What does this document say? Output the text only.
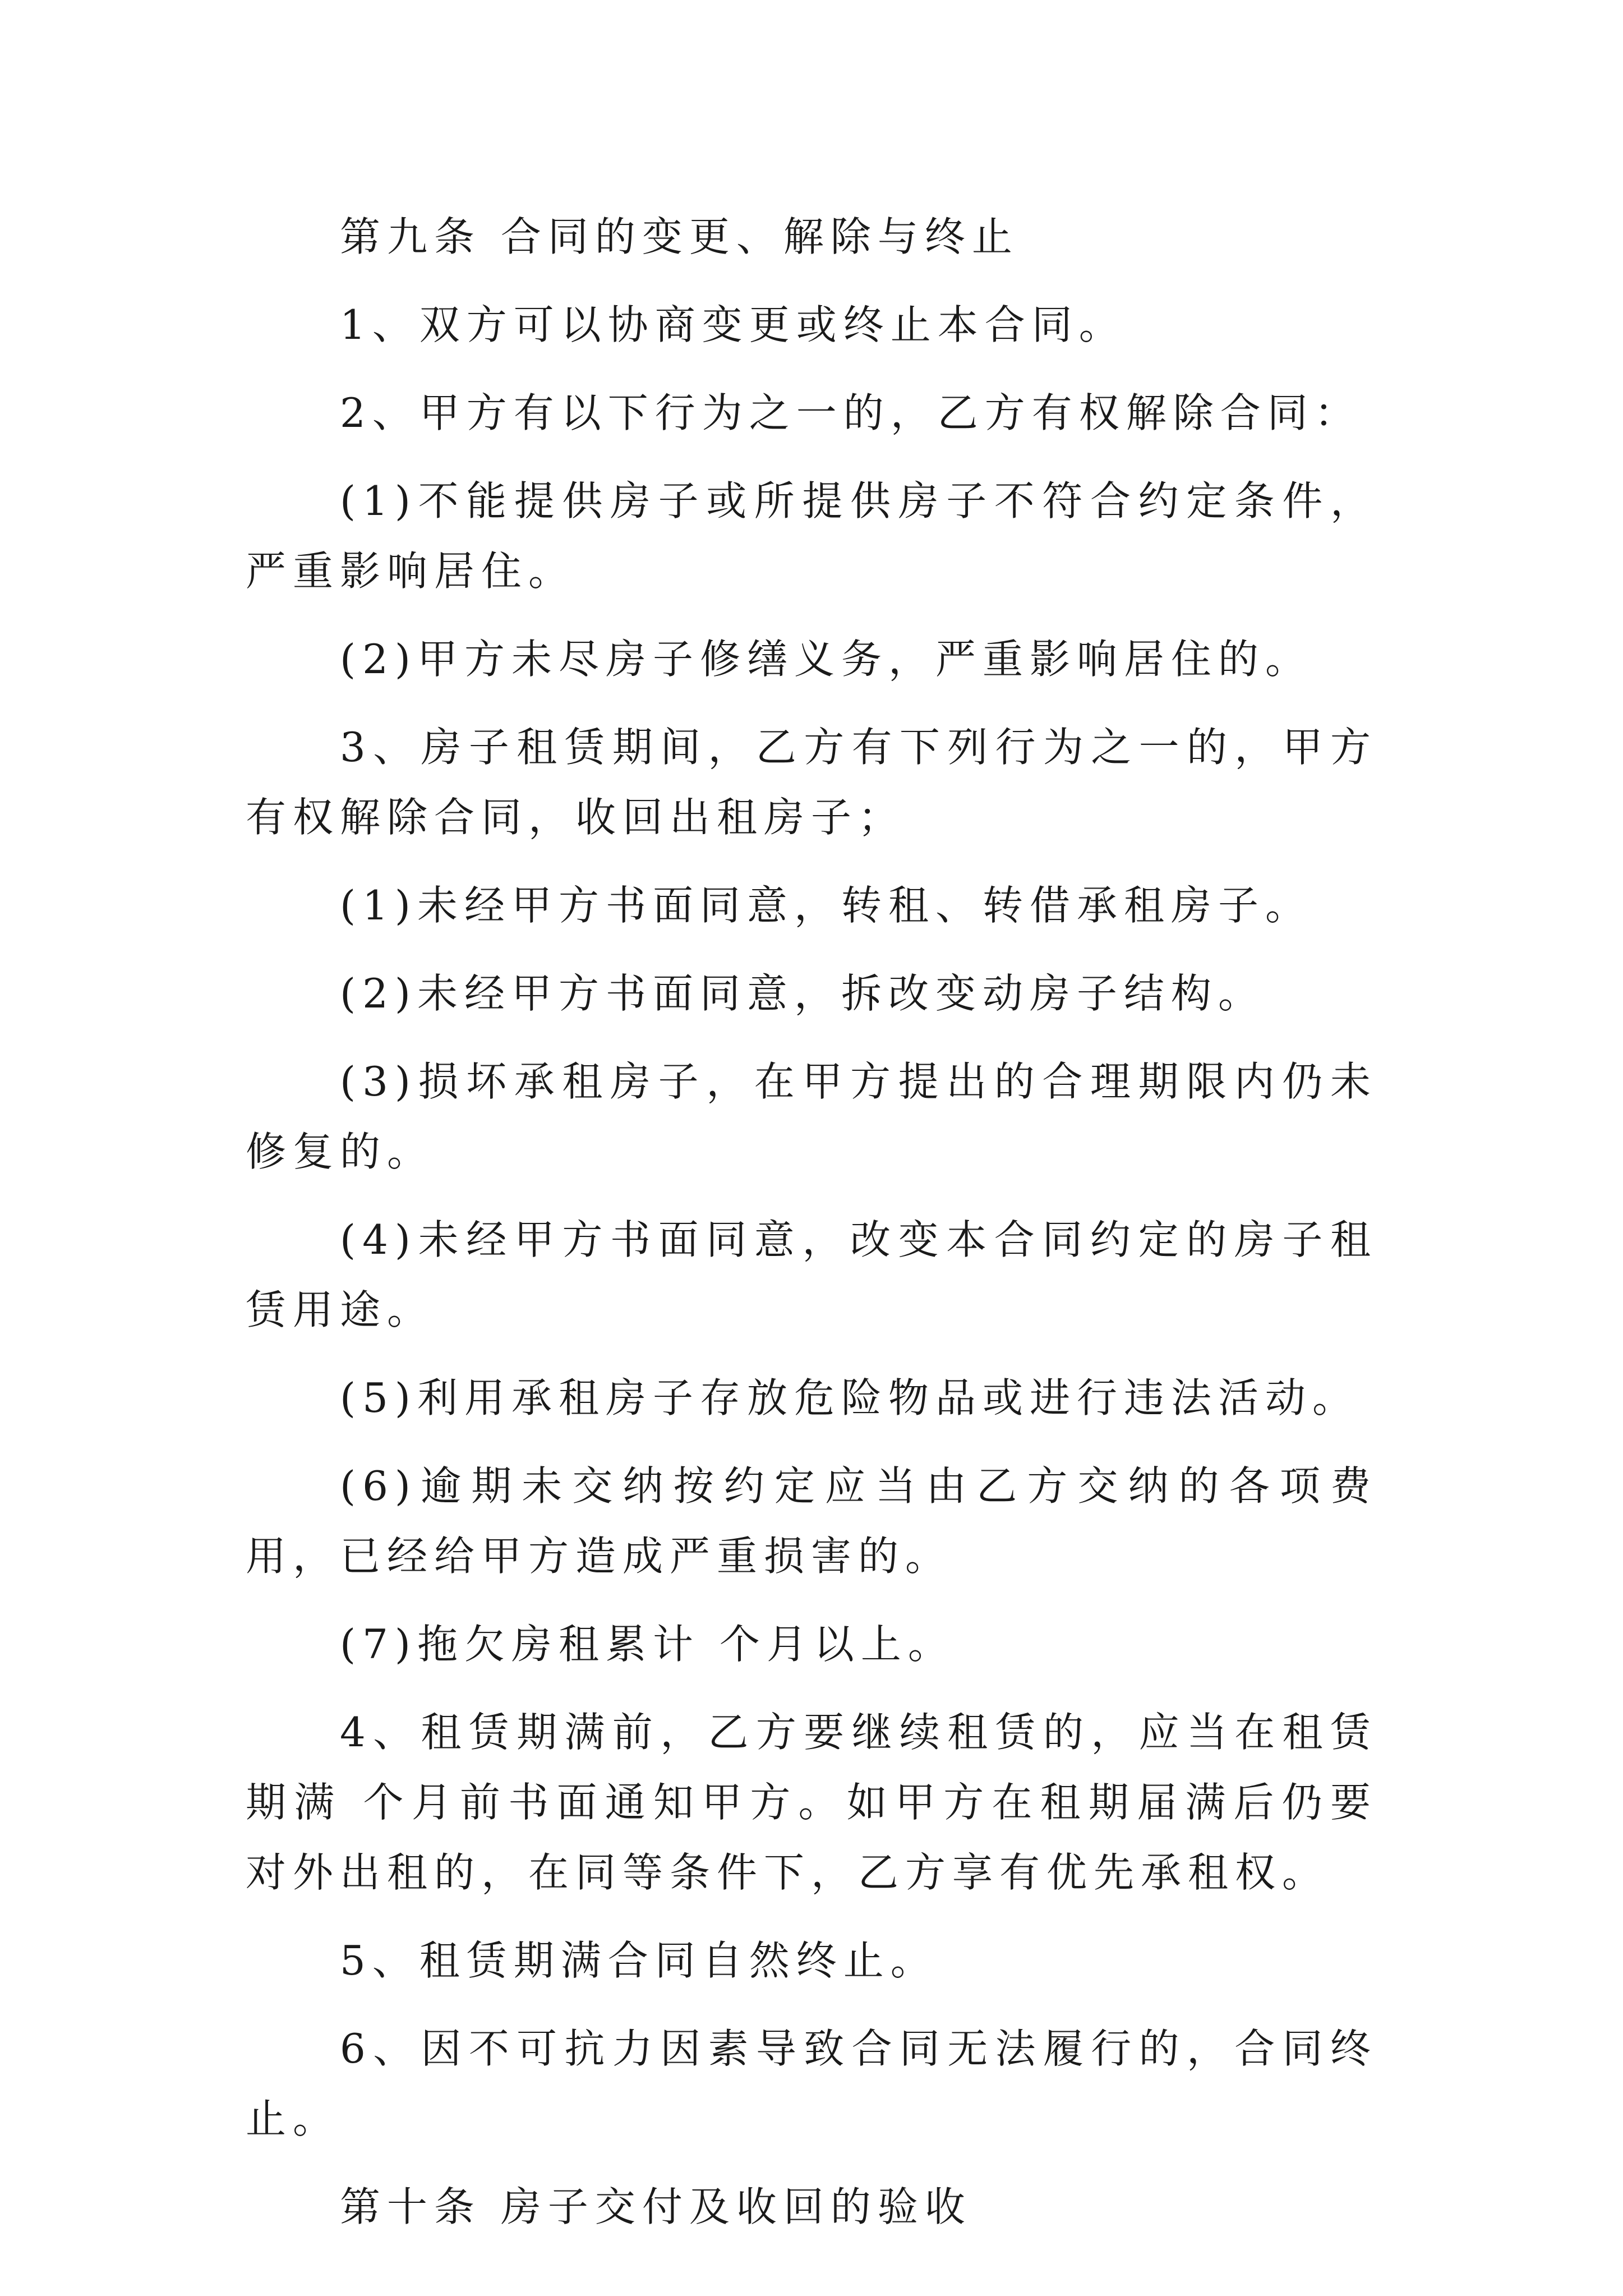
第九条 合同的变更、解除与终止

1、双方可以协商变更或终止本合同。

2、甲方有以下行为之一的，乙方有权解除合同：

(1)不能提供房子或所提供房子不符合约定条件，严重影响居住。

(2)甲方未尽房子修缮义务，严重影响居住的。

3、房子租赁期间，乙方有下列行为之一的，甲方有权解除合同，收回出租房子；

(1)未经甲方书面同意，转租、转借承租房子。

(2)未经甲方书面同意，拆改变动房子结构。

(3)损坏承租房子，在甲方提出的合理期限内仍未修复的。

(4)未经甲方书面同意，改变本合同约定的房子租赁用途。

(5)利用承租房子存放危险物品或进行违法活动。

(6)逾期未交纳按约定应当由乙方交纳的各项费用，已经给甲方造成严重损害的。

(7)拖欠房租累计 个月以上。

4、租赁期满前，乙方要继续租赁的，应当在租赁期满 个月前书面通知甲方。如甲方在租期届满后仍要对外出租的，在同等条件下，乙方享有优先承租权。

5、租赁期满合同自然终止。

6、因不可抗力因素导致合同无法履行的，合同终止。

第十条 房子交付及收回的验收
